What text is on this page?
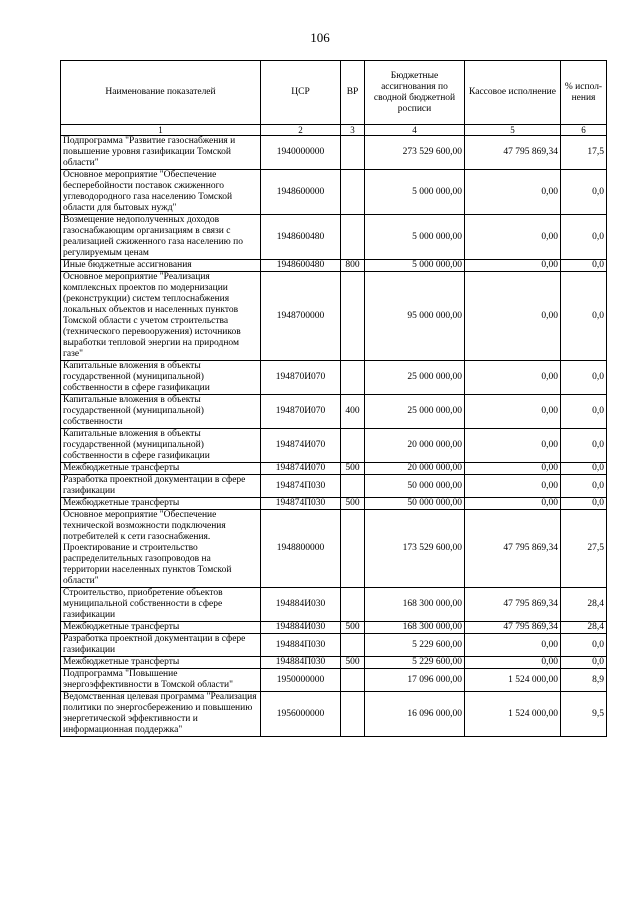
106
Наименование показателей	ЦСР	ВР	Бюджетные ассигнования по сводной бюджетной росписи	Кассовое исполнение	% испол- нения
1	2	3	4	5	6
Подпрограмма "Развитие газоснабжения и повышение уровня газификации Томской области"	1940000000		273 529 600,00	47 795 869,34	17,5
Основное мероприятие "Обеспечение бесперебойности поставок сжиженного углеводородного газа населению Томской области для бытовых нужд"	1948600000		5 000 000,00	0,00	0,0
Возмещение недополученных доходов газоснабжающим организациям в связи с реализацией сжиженного газа населению по регулируемым ценам	1948600480		5 000 000,00	0,00	0,0
Иные бюджетные ассигнования	1948600480	800	5 000 000,00	0,00	0,0
Основное мероприятие "Реализация комплексных проектов по модернизации (реконструкции) систем теплоснабжения локальных объектов и населенных пунктов Томской области с учетом строительства (технического перевооружения) источников выработки тепловой энергии на природном газе"	1948700000		95 000 000,00	0,00	0,0
Капитальные вложения в объекты государственной (муниципальной) собственности в сфере газификации	194870И070		25 000 000,00	0,00	0,0
Капитальные вложения в объекты государственной (муниципальной) собственности	194870И070	400	25 000 000,00	0,00	0,0
Капитальные вложения в объекты государственной (муниципальной) собственности в сфере газификации	194874И070		20 000 000,00	0,00	0,0
Межбюджетные трансферты	194874И070	500	20 000 000,00	0,00	0,0
Разработка проектной документации в сфере газификации	194874П030		50 000 000,00	0,00	0,0
Межбюджетные трансферты	194874П030	500	50 000 000,00	0,00	0,0
Основное мероприятие "Обеспечение технической возможности подключения потребителей к сети газоснабжения. Проектирование и строительство распределительных газопроводов на территории населенных пунктов Томской области"	1948800000		173 529 600,00	47 795 869,34	27,5
Строительство, приобретение объектов муниципальной собственности в сфере газификации	194884И030		168 300 000,00	47 795 869,34	28,4
Межбюджетные трансферты	194884И030	500	168 300 000,00	47 795 869,34	28,4
Разработка проектной документации в сфере газификации	194884П030		5 229 600,00	0,00	0,0
Межбюджетные трансферты	194884П030	500	5 229 600,00	0,00	0,0
Подпрограмма "Повышение энергоэффективности в Томской области"	1950000000		17 096 000,00	1 524 000,00	8,9
Ведомственная целевая программа "Реализация политики по энергосбережению и повышению энергетической эффективности и информационная поддержка"	1956000000		16 096 000,00	1 524 000,00	9,5
